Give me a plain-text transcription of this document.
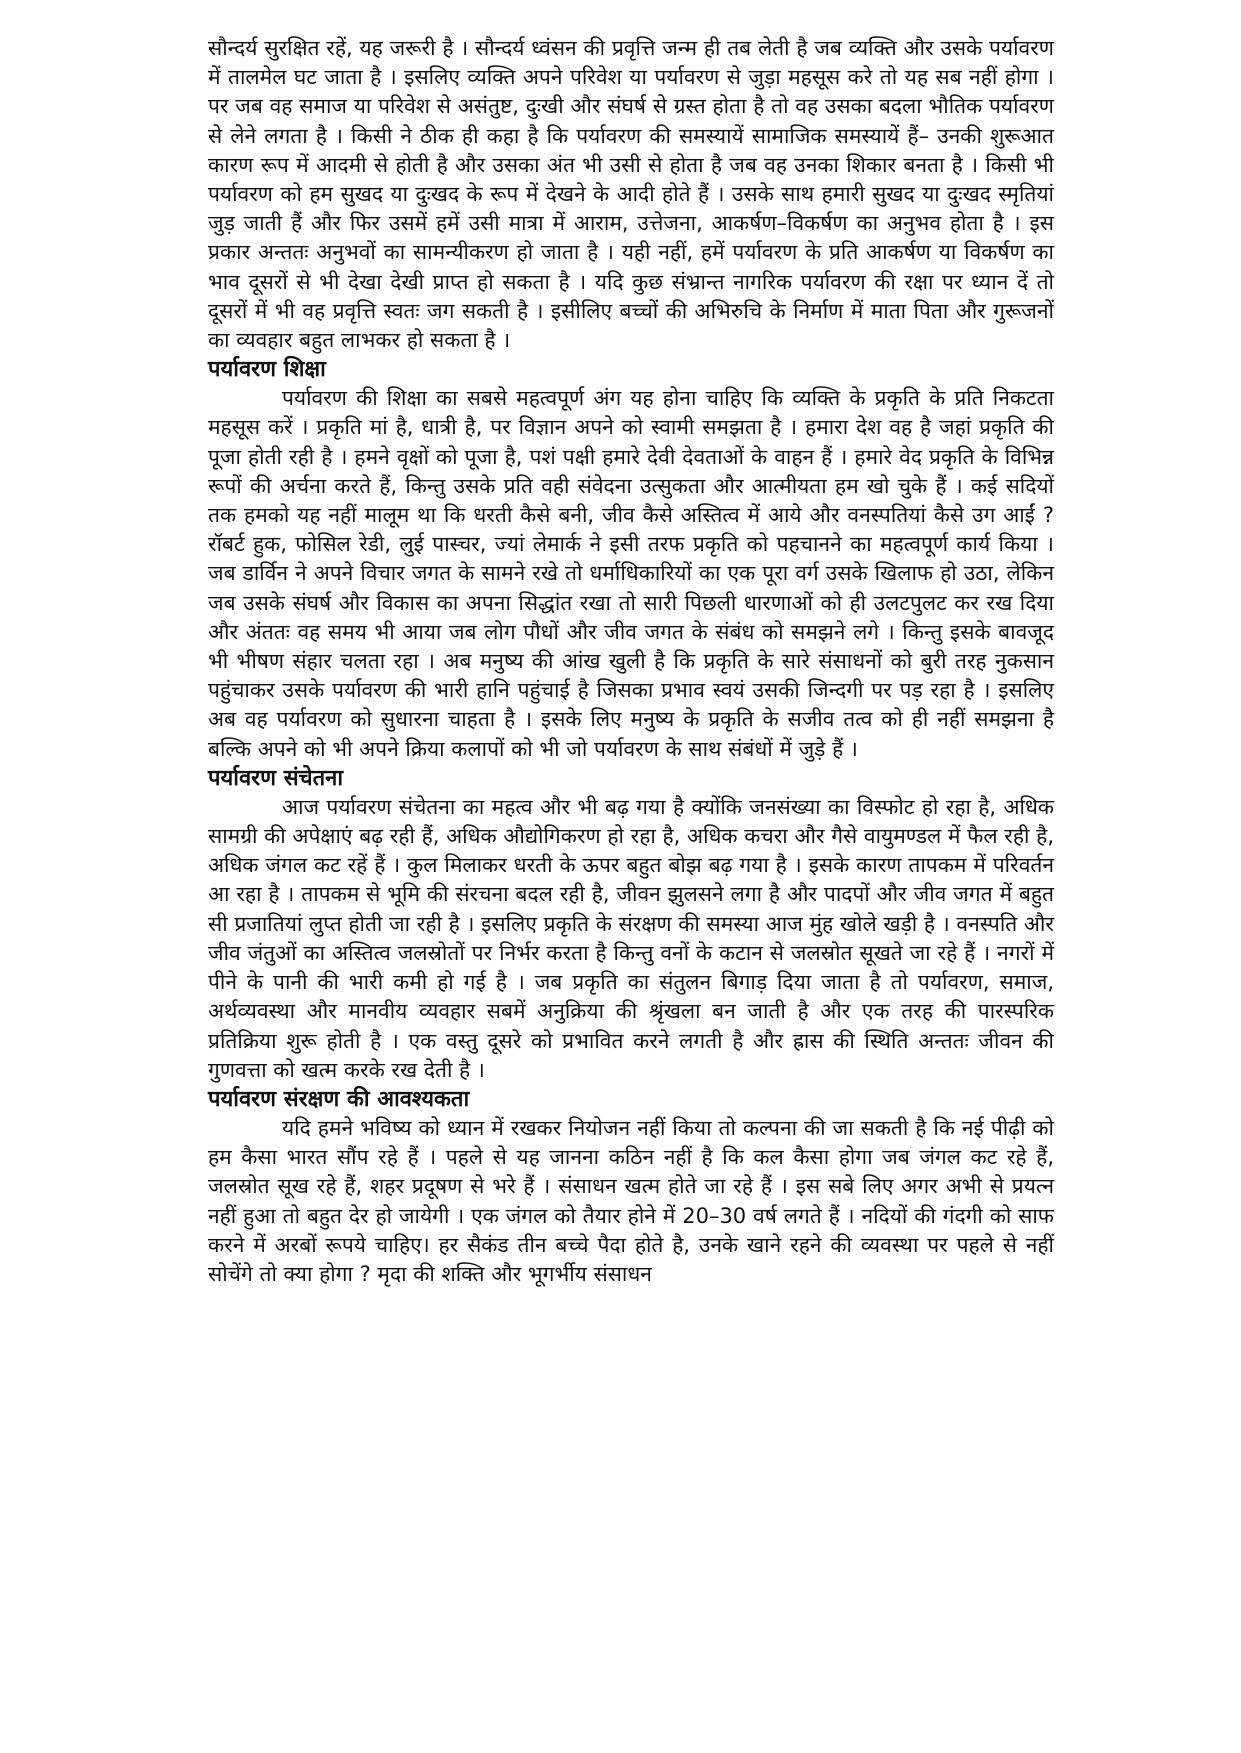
सौन्दर्य सुरक्षित रहें, यह जरूरी है । सौन्दर्य ध्वंसन की प्रवृत्ति जन्म ही तब लेती है जब व्यक्ति और उसके पर्यावरण में तालमेल घट जाता है । इसलिए व्यक्ति अपने परिवेश या पर्यावरण से जुड़ा महसूस करे तो यह सब नहीं होगा । पर जब वह समाज या परिवेश से असंतुष्ट, दुःखी और संघर्ष से ग्रस्त होता है तो वह उसका बदला भौतिक पर्यावरण से लेने लगता है । किसी ने ठीक ही कहा है कि पर्यावरण की समस्यायें सामाजिक समस्यायें हैं– उनकी शुरूआत कारण रूप में आदमी से होती है और उसका अंत भी उसी से होता है जब वह उनका शिकार बनता है । किसी भी पर्यावरण को हम सुखद या दुःखद के रूप में देखने के आदी होते हैं । उसके साथ हमारी सुखद या दुःखद स्मृतियां जुड़ जाती हैं और फिर उसमें हमें उसी मात्रा में आराम, उत्तेजना, आकर्षण–विकर्षण का अनुभव होता है । इस प्रकार अन्ततः अनुभवों का सामन्यीकरण हो जाता है । यही नहीं, हमें पर्यावरण के प्रति आकर्षण या विकर्षण का भाव दूसरों से भी देखा देखी प्राप्त हो सकता है । यदि कुछ संभ्रान्त नागरिक पर्यावरण की रक्षा पर ध्यान दें तो दूसरों में भी वह प्रवृत्ति स्वतः जग सकती है । इसीलिए बच्चों की अभिरुचि के निर्माण में माता पिता और गुरूजनों का व्यवहार बहुत लाभकर हो सकता है ।

पर्यावरण शिक्षा

पर्यावरण की शिक्षा का सबसे महत्वपूर्ण अंग यह होना चाहिए कि व्यक्ति के प्रकृति के प्रति निकटता महसूस करें । प्रकृति मां है, धात्री है, पर विज्ञान अपने को स्वामी समझता है । हमारा देश वह है जहां प्रकृति की पूजा होती रही है । हमने वृक्षों को पूजा है, पशं पक्षी हमारे देवी देवताओं के वाहन हैं । हमारे वेद प्रकृति के विभिन्न रूपों की अर्चना करते हैं, किन्तु उसके प्रति वही संवेदना उत्सुकता और आत्मीयता हम खो चुके हैं । कई सदियों तक हमको यह नहीं मालूम था कि धरती कैसे बनी, जीव कैसे अस्तित्व में आये और वनस्पतियां कैसे उग आईं ? रॉबर्ट हुक, फोसिल रेडी, लुई पास्चर, ज्यां लेमार्क ने इसी तरफ प्रकृति को पहचानने का महत्वपूर्ण कार्य किया । जब डार्विन ने अपने विचार जगत के सामने रखे तो धर्माधिकारियों का एक पूरा वर्ग उसके खिलाफ हो उठा, लेकिन जब उसके संघर्ष और विकास का अपना सिद्धांत रखा तो सारी पिछली धारणाओं को ही उलटपुलट कर रख दिया और अंततः वह समय भी आया जब लोग पौधों और जीव जगत के संबंध को समझने लगे । किन्तु इसके बावजूद भी भीषण संहार चलता रहा । अब मनुष्य की आंख खुली है कि प्रकृति के सारे संसाधनों को बुरी तरह नुकसान पहुंचाकर उसके पर्यावरण की भारी हानि पहुंचाई है जिसका प्रभाव स्वयं उसकी जिन्दगी पर पड़ रहा है । इसलिए अब वह पर्यावरण को सुधारना चाहता है । इसके लिए मनुष्य के प्रकृति के सजीव तत्व को ही नहीं समझना है बल्कि अपने को भी अपने क्रिया कलापों को भी जो पर्यावरण के साथ संबंधों में जुड़े हैं ।

पर्यावरण संचेतना

आज पर्यावरण संचेतना का महत्व और भी बढ़ गया है क्योंकि जनसंख्या का विस्फोट हो रहा है, अधिक सामग्री की अपेक्षाएं बढ़ रही हैं, अधिक औद्योगिकरण हो रहा है, अधिक कचरा और गैसे वायुमण्डल में फैल रही है, अधिक जंगल कट रहें हैं । कुल मिलाकर धरती के ऊपर बहुत बोझ बढ़ गया है । इसके कारण तापकम में परिवर्तन आ रहा है । तापकम से भूमि की संरचना बदल रही है, जीवन झुलसने लगा है और पादपों और जीव जगत में बहुत सी प्रजातियां लुप्त होती जा रही है । इसलिए प्रकृति के संरक्षण की समस्या आज मुंह खोले खड़ी है । वनस्पति और जीव जंतुओं का अस्तित्व जलस्रोतों पर निर्भर करता है किन्तु वनों के कटान से जलस्रोत सूखते जा रहे हैं । नगरों में पीने के पानी की भारी कमी हो गई है । जब प्रकृति का संतुलन बिगाड़ दिया जाता है तो पर्यावरण, समाज, अर्थव्यवस्था और मानवीय व्यवहार सबमें अनुक्रिया की श्रृंखला बन जाती है और एक तरह की पारस्परिक प्रतिक्रिया शुरू होती है । एक वस्तु दूसरे को प्रभावित करने लगती है और ह्रास की स्थिति अन्ततः जीवन की गुणवत्ता को खत्म करके रख देती है ।

पर्यावरण संरक्षण की आवश्यकता

यदि हमने भविष्य को ध्यान में रखकर नियोजन नहीं किया तो कल्पना की जा सकती है कि नई पीढ़ी को हम कैसा भारत सौंप रहे हैं । पहले से यह जानना कठिन नहीं है कि कल कैसा होगा जब जंगल कट रहे हैं, जलस्रोत सूख रहे हैं, शहर प्रदूषण से भरे हैं । संसाधन खत्म होते जा रहे हैं । इस सबे लिए अगर अभी से प्रयत्न नहीं हुआ तो बहुत देर हो जायेगी । एक जंगल को तैयार होने में 20–30 वर्ष लगते हैं । नदियों की गंदगी को साफ करने में अरबों रूपये चाहिए। हर सैकंड तीन बच्चे पैदा होते है, उनके खाने रहने की व्यवस्था पर पहले से नहीं सोचेंगे तो क्या होगा ? मृदा की शक्ति और भूगर्भीय संसाधन
